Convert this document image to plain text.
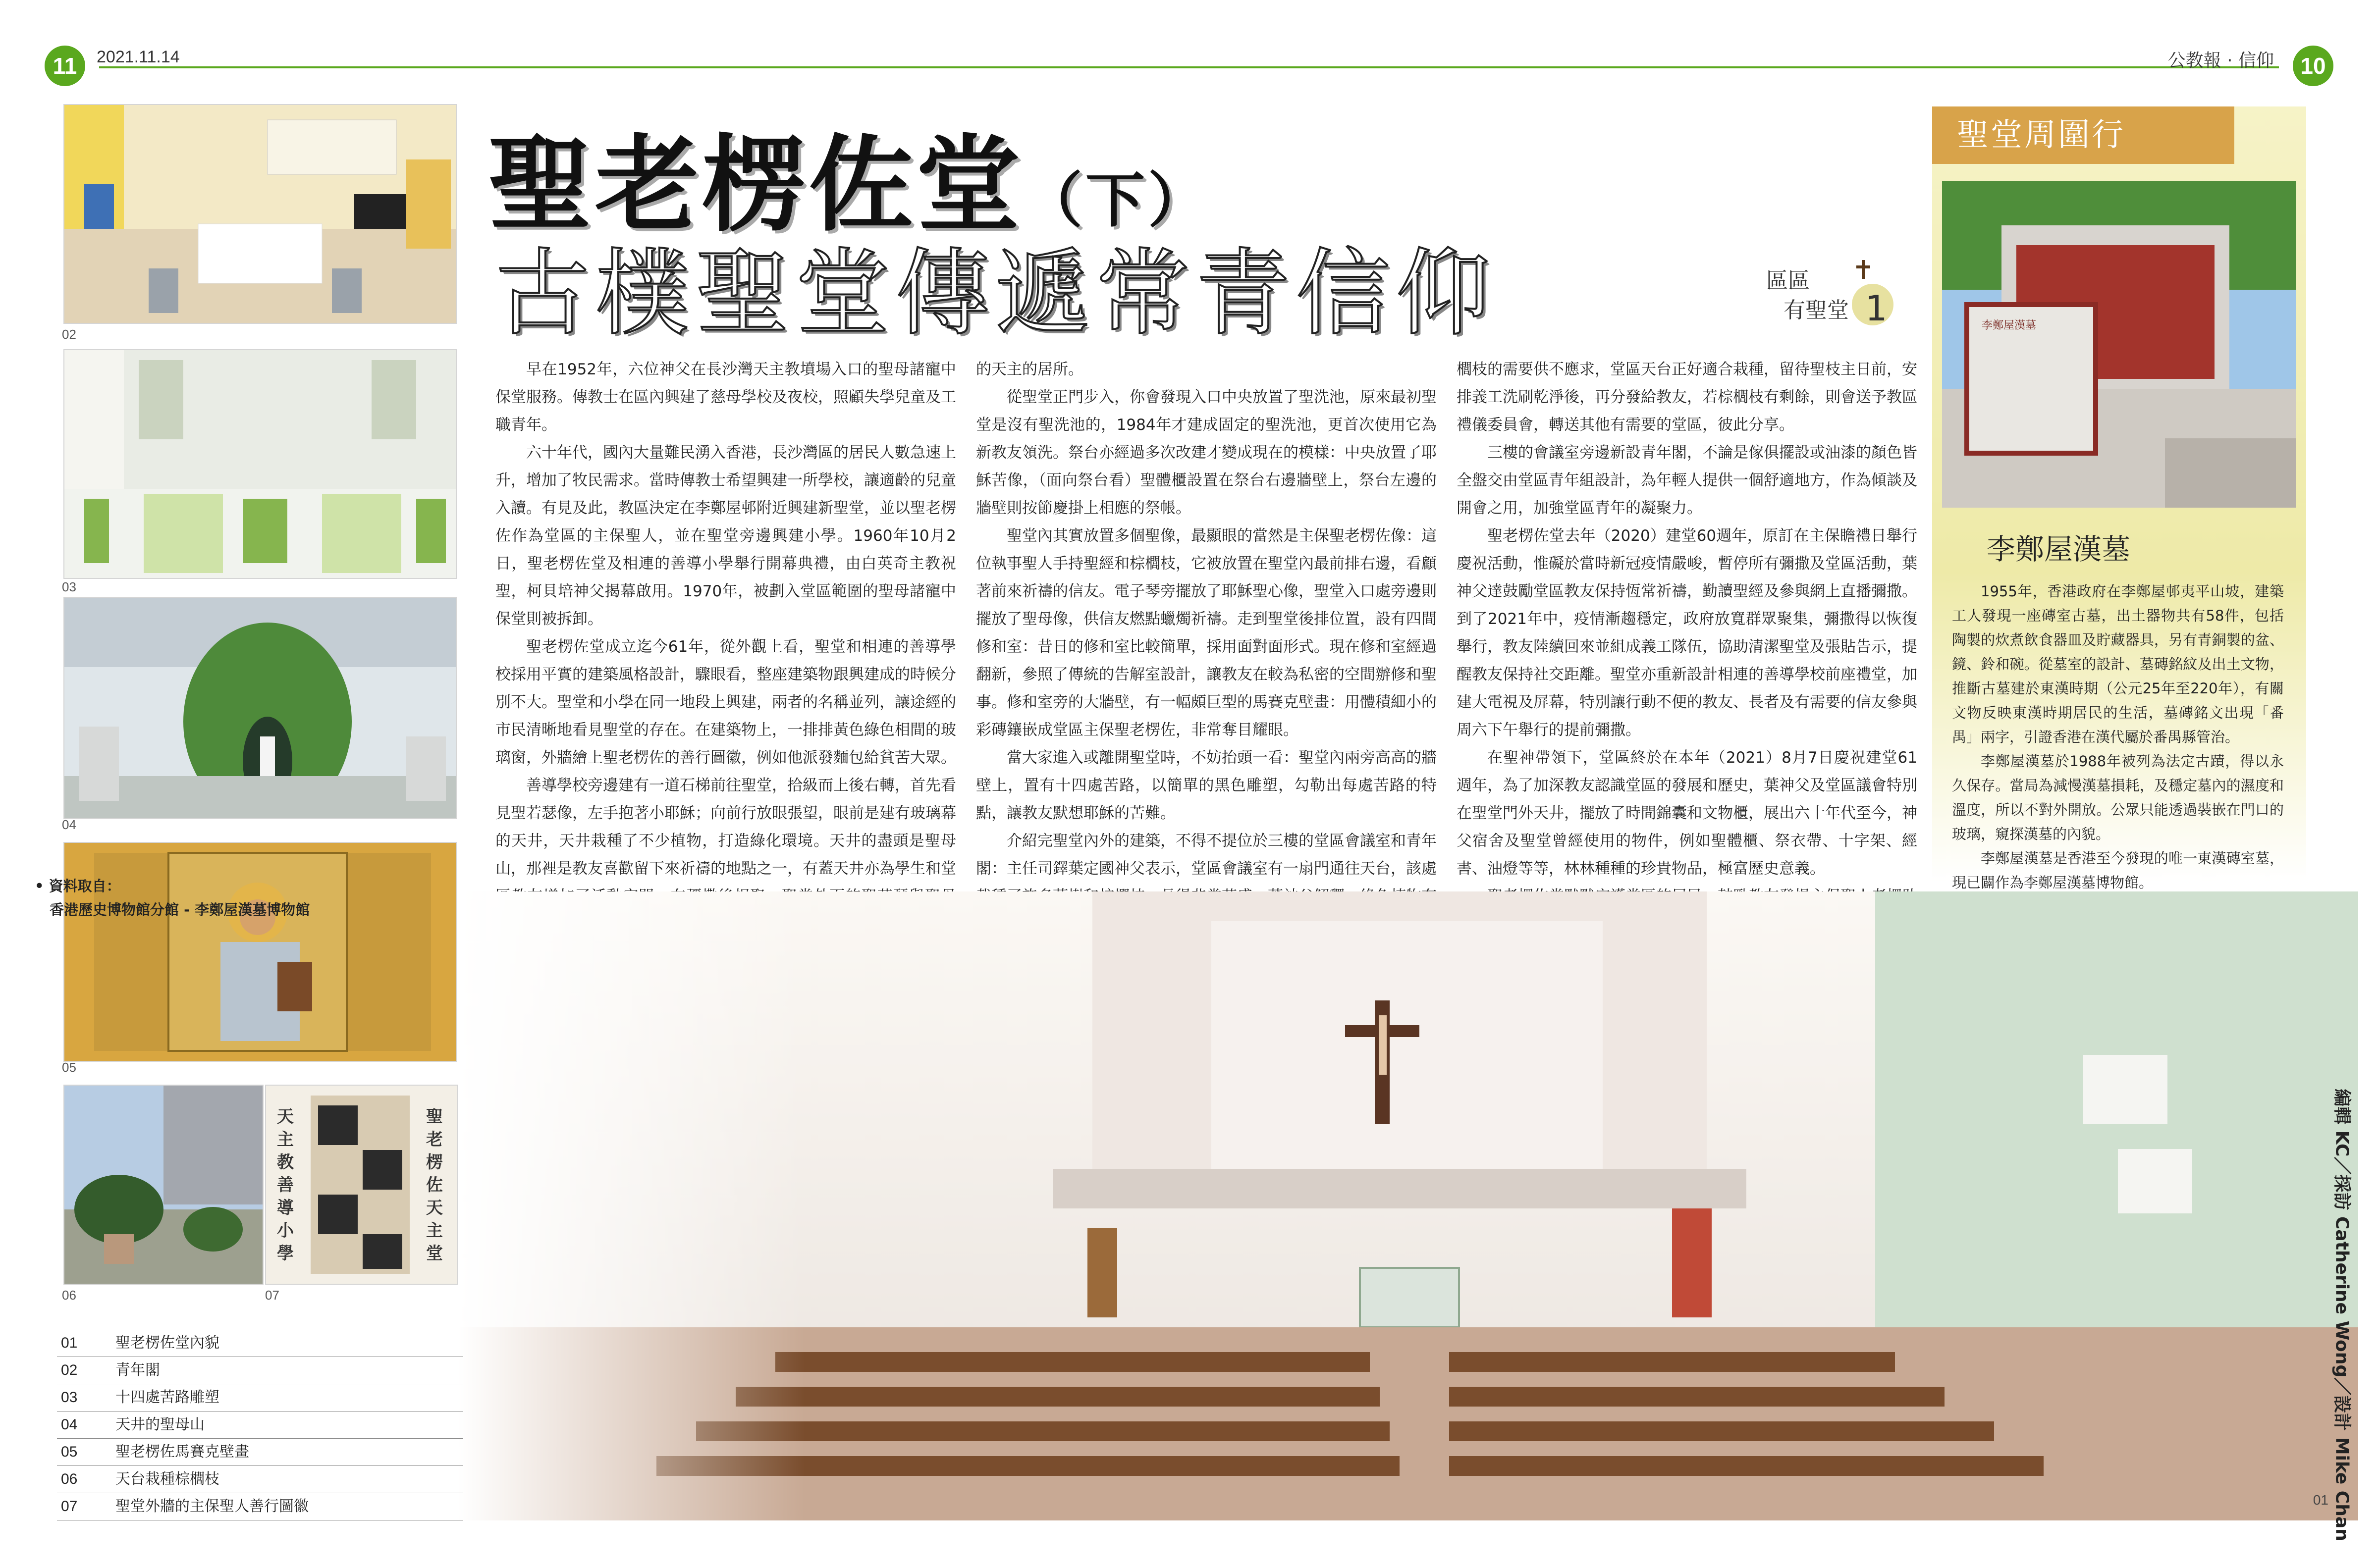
11	2021.11.14	公教報 · 信仰	10
02
03
04
05
06
天主教善導小學
聖老楞佐天主堂
07
聖老楞佐堂（下）
古樸聖堂傳遞常青信仰	區區
有聖堂 1

早在1952年，六位神父在長沙灣天主教墳場入口的聖母諸寵中保堂服務。傳教士在區內興建了慈母學校及夜校，照顧失學兒童及工職青年。

六十年代，國內大量難民湧入香港，長沙灣區的居民人數急速上升，增加了牧民需求。當時傳教士希望興建一所學校，讓適齡的兒童入讀。有見及此，教區決定在李鄭屋邨附近興建新聖堂，並以聖老楞佐作為堂區的主保聖人，並在聖堂旁邊興建小學。1960年10月2日，聖老楞佐堂及相連的善導小學舉行開幕典禮，由白英奇主教祝聖，柯貝培神父揭幕啟用。1970年，被劃入堂區範圍的聖母諸寵中保堂則被拆卸。

聖老楞佐堂成立迄今61年，從外觀上看，聖堂和相連的善導學校採用平實的建築風格設計，驟眼看，整座建築物跟興建成的時候分別不大。聖堂和小學在同一地段上興建，兩者的名稱並列，讓途經的市民清晰地看見聖堂的存在。在建築物上，一排排黃色綠色相間的玻璃窗，外牆繪上聖老楞佐的善行圖徽，例如他派發麵包給貧苦大眾。

善導學校旁邊建有一道石梯前往聖堂，拾級而上後右轉，首先看見聖若瑟像，左手抱著小耶穌；向前行放眼張望，眼前是建有玻璃幕的天井，天井栽種了不少植物，打造綠化環境。天井的盡頭是聖母山，那裡是教友喜歡留下來祈禱的地點之一，有蓋天井亦為學生和堂

的天主的居所。

從聖堂正門步入，你會發現入口中央放置了聖洗池，原來最初聖堂是沒有聖洗池的，1984年才建成固定的聖洗池，更首次使用它為新教友領洗。祭台亦經過多次改建才變成現在的模樣：中央放置了耶穌苦像，（面向祭台看）聖體櫃設置在祭台右邊牆壁上，祭台左邊的牆壁則按節慶掛上相應的祭帳。

聖堂內其實放置多個聖像，最顯眼的當然是主保聖老楞佐像：這位執事聖人手持聖經和棕櫚枝，它被放置在聖堂內最前排右邊，看顧著前來祈禱的信友。電子琴旁擺放了耶穌聖心像，聖堂入口處旁邊則擺放了聖母像，供信友燃點蠟燭祈禱。走到聖堂後排位置，設有四間修和室：昔日的修和室比較簡單，採用面對面形式。現在修和室經過翻新，參照了傳統的告解室設計，讓教友在較為私密的空間辦修和聖事。修和室旁的大牆壁，有一幅頗巨型的馬賽克壁畫：用體積細小的彩磚鑲嵌成堂區主保聖老楞佐，非常奪目耀眼。

當大家進入或離開聖堂時，不妨抬頭一看：聖堂內兩旁高高的牆壁上，置有十四處苦路，以簡單的黑色雕塑，勾勒出每處苦路的特點，讓教友默想耶穌的苦難。

介紹完聖堂內外的建築，不得不提位於三樓的堂區會議室和青年閣：主任司鐸葉定國神父表示，堂區會議室有一扇門通往天台，該處

櫚枝的需要供不應求，堂區天台正好適合栽種，留待聖枝主日前，安排義工洗刷乾淨後，再分發給教友，若棕櫚枝有剩餘，則會送予教區禮儀委員會，轉送其他有需要的堂區，彼此分享。

三樓的會議室旁邊新設青年閣，不論是傢俱擺設或油漆的顏色皆全盤交由堂區青年組設計，為年輕人提供一個舒適地方，作為傾談及開會之用，加強堂區青年的凝聚力。

聖老楞佐堂去年（2020）建堂60週年，原訂在主保瞻禮日舉行慶祝活動，惟礙於當時新冠疫情嚴峻，暫停所有彌撒及堂區活動，葉神父達鼓勵堂區教友保持恆常祈禱，勤讀聖經及參與網上直播彌撒。到了2021年中，疫情漸趨穩定，政府放寬群眾聚集，彌撒得以恢復舉行，教友陸續回來並組成義工隊伍，協助清潔聖堂及張貼告示，提醒教友保持社交距離。聖堂亦重新設計相連的善導學校前座禮堂，加建大電視及屏幕，特別讓行動不便的教友、長者及有需要的信友參與周六下午舉行的提前彌撒。

在聖神帶領下，堂區終於在本年（2021）8月7日慶祝建堂61週年，為了加深教友認識堂區的發展和歷史，葉神父及堂區議會特別在聖堂門外天井，擺放了時間錦囊和文物櫃，展出六十年代至今，神父宿舍及聖堂曾經使用的物件，例如聖體櫃、祭衣帶、十字架、經書、油燈等等，林林種種的珍貴物品，極富歷史意義。

聖堂周圍行
李鄭屋漢墓
李鄭屋漢墓

1955年，香港政府在李鄭屋邨夷平山坡，建築工人發現一座磚室古墓，出土器物共有58件，包括陶製的炊煮飲食器皿及貯藏器具，另有青銅製的盆、鏡、鈴和碗。從墓室的設計、墓磚銘紋及出土文物，推斷古墓建於東漢時期（公元25年至220年），有關文物反映東漢時期居民的生活，墓磚銘文出現「番禺」兩字，引證香港在漢代屬於番禺縣管治。

李鄭屋漢墓於1988年被列為法定古蹟，得以永久保存。當局為減慢漢墓損耗，及穩定墓內的濕度和溫度，所以不對外開放。公眾只能透過裝嵌在門口的玻璃，窺探漢墓的內貌。

李鄭屋漢墓是香港至今發現的唯一東漢磚室墓，現已闢作為李鄭屋漢墓博物館。

• 資料取自：
香港歷史博物館分館 - 李鄭屋漢墓博物館
01
01	聖老楞佐堂內貌
02	青年閣
03	十四處苦路雕塑
04	天井的聖母山
05	聖老楞佐馬賽克壁畫
06	天台栽種棕櫚枝
07	聖堂外牆的主保聖人善行圖徽	編輯 KC／採訪 Catherine Wong／設計 Mike Chan
